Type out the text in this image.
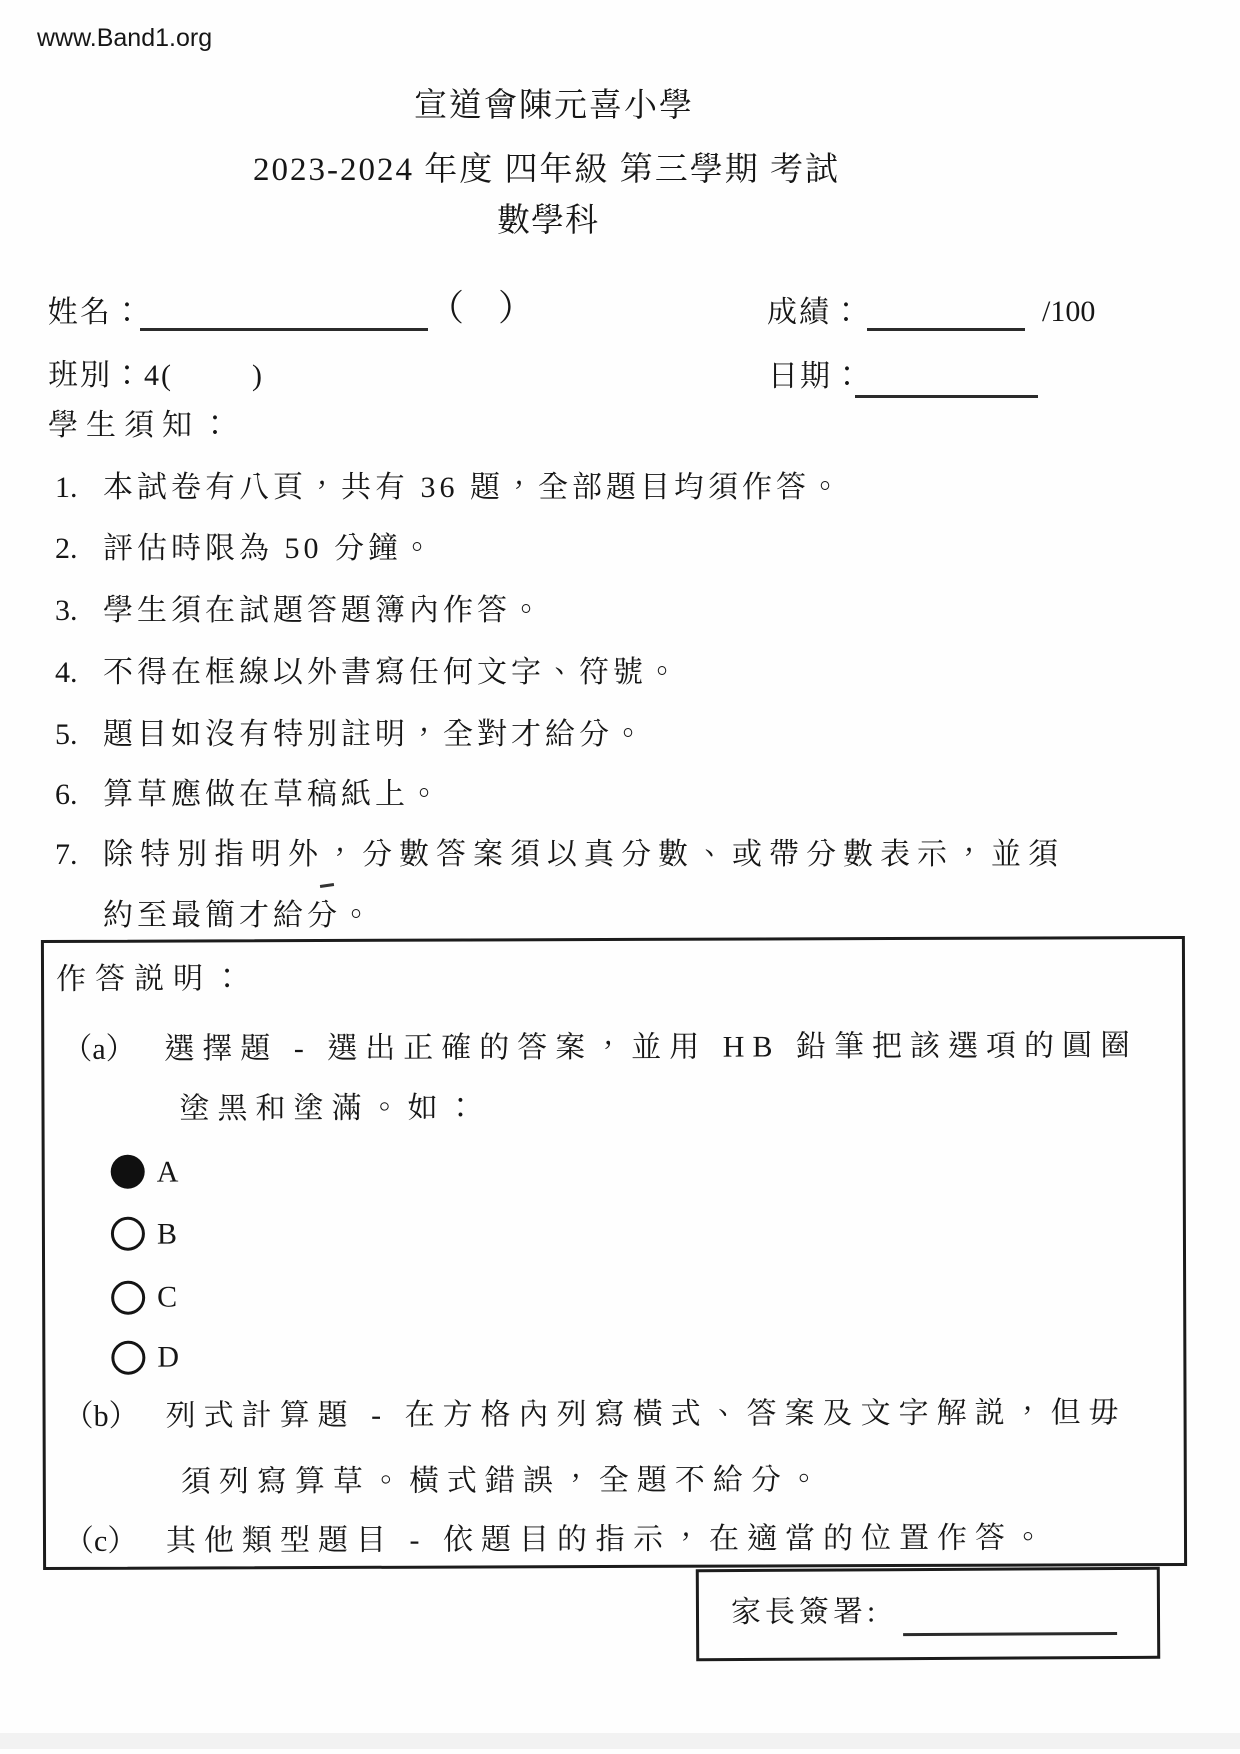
www.Band1.org
宣道會陳元喜小學
2023-2024 年度 四年級 第三學期 考試
數學科
姓名：	（ ）	成績：	/100
班別：4(	)	日期：
學生須知：
1. 本試卷有八頁，共有 36 題，全部題目均須作答。
2. 評估時限為 50 分鐘。
3. 學生須在試題答題簿內作答。
4. 不得在框線以外書寫任何文字、符號。
5. 題目如沒有特別註明，全對才給分。
6. 算草應做在草稿紙上。
7. 除特別指明外，分數答案須以真分數、或帶分數表示，並須
約至最簡才給分。
作答説明：
（a） 選擇題 - 選出正確的答案，並用 HB 鉛筆把該選項的圓圈
塗黑和塗滿。如：
A
B
C
D
（b） 列式計算題 - 在方格內列寫橫式、答案及文字解説，但毋
須列寫算草。橫式錯誤，全題不給分。
（c） 其他類型題目 - 依題目的指示，在適當的位置作答。
家長簽署:
